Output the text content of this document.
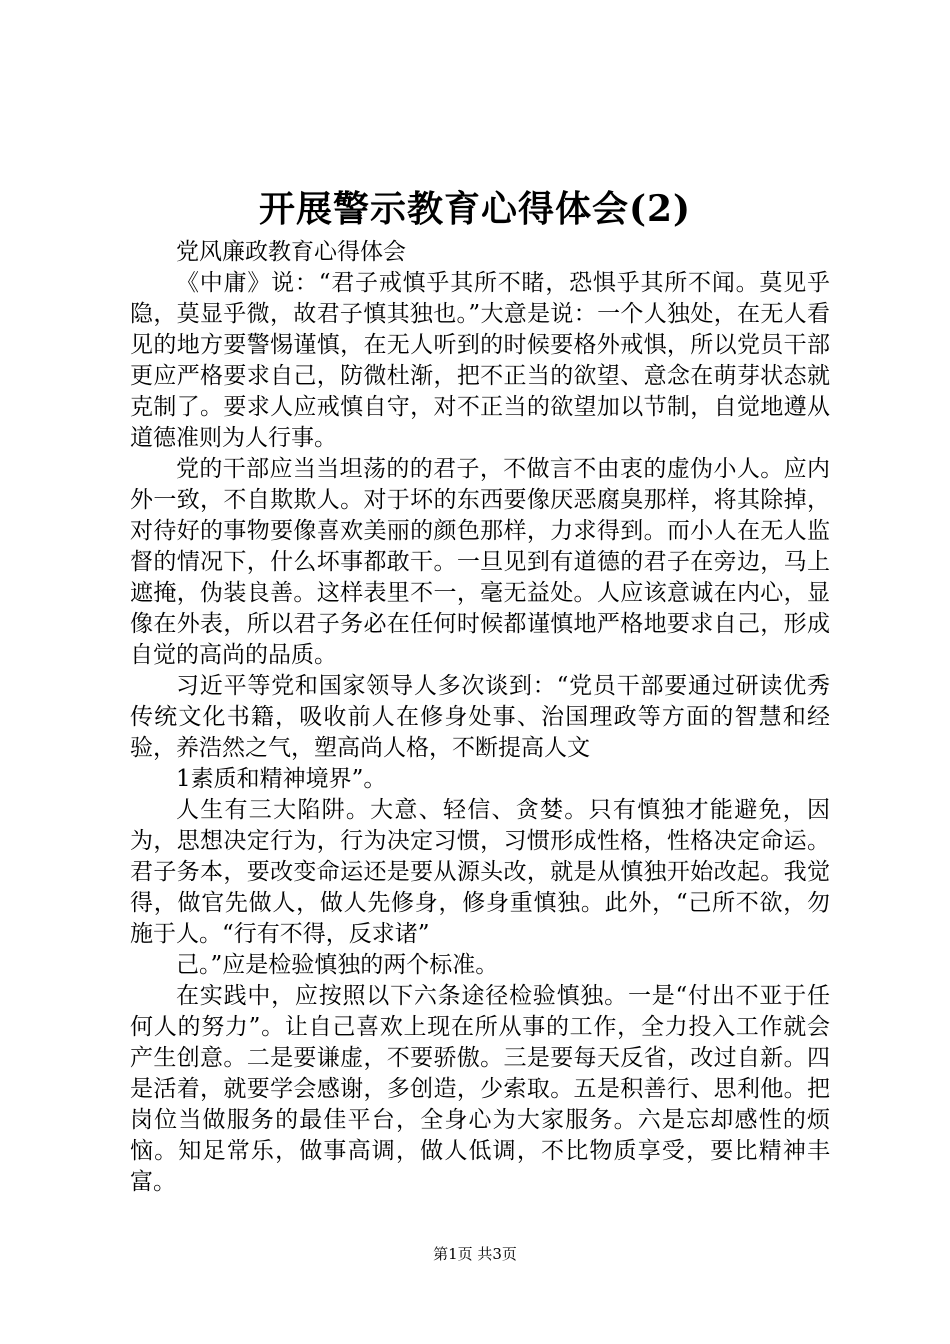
开展警示教育心得体会(2)

党风廉政教育心得体会

《中庸》说：“君子戒慎乎其所不睹，恐惧乎其所不闻。莫见乎隐，莫显乎微，故君子慎其独也。”大意是说：一个人独处，在无人看见的地方要警惕谨慎，在无人听到的时候要格外戒惧，所以党员干部更应严格要求自己，防微杜渐，把不正当的欲望、意念在萌芽状态就克制了。要求人应戒慎自守，对不正当的欲望加以节制，自觉地遵从道德准则为人行事。

党的干部应当当坦荡的的君子，不做言不由衷的虚伪小人。应内外一致，不自欺欺人。对于坏的东西要像厌恶腐臭那样，将其除掉，对待好的事物要像喜欢美丽的颜色那样，力求得到。而小人在无人监督的情况下，什么坏事都敢干。一旦见到有道德的君子在旁边，马上遮掩，伪装良善。这样表里不一，毫无益处。人应该意诚在内心，显像在外表，所以君子务必在任何时候都谨慎地严格地要求自己，形成自觉的高尚的品质。

习近平等党和国家领导人多次谈到：“党员干部要通过研读优秀传统文化书籍，吸收前人在修身处事、治国理政等方面的智慧和经验，养浩然之气，塑高尚人格，不断提高人文

1素质和精神境界”。

人生有三大陷阱。大意、轻信、贪婪。只有慎独才能避免，因为，思想决定行为，行为决定习惯，习惯形成性格，性格决定命运。君子务本，要改变命运还是要从源头改，就是从慎独开始改起。我觉得，做官先做人，做人先修身，修身重慎独。此外，“己所不欲，勿施于人。“行有不得，反求诸”

己。”应是检验慎独的两个标准。

在实践中，应按照以下六条途径检验慎独。一是“付出不亚于任何人的努力”。让自己喜欢上现在所从事的工作，全力投入工作就会产生创意。二是要谦虚，不要骄傲。三是要每天反省，改过自新。四是活着，就要学会感谢，多创造，少索取。五是积善行、思利他。把岗位当做服务的最佳平台，全身心为大家服务。六是忘却感性的烦恼。知足常乐，做事高调，做人低调，不比物质享受，要比精神丰富。

第1页 共3页
